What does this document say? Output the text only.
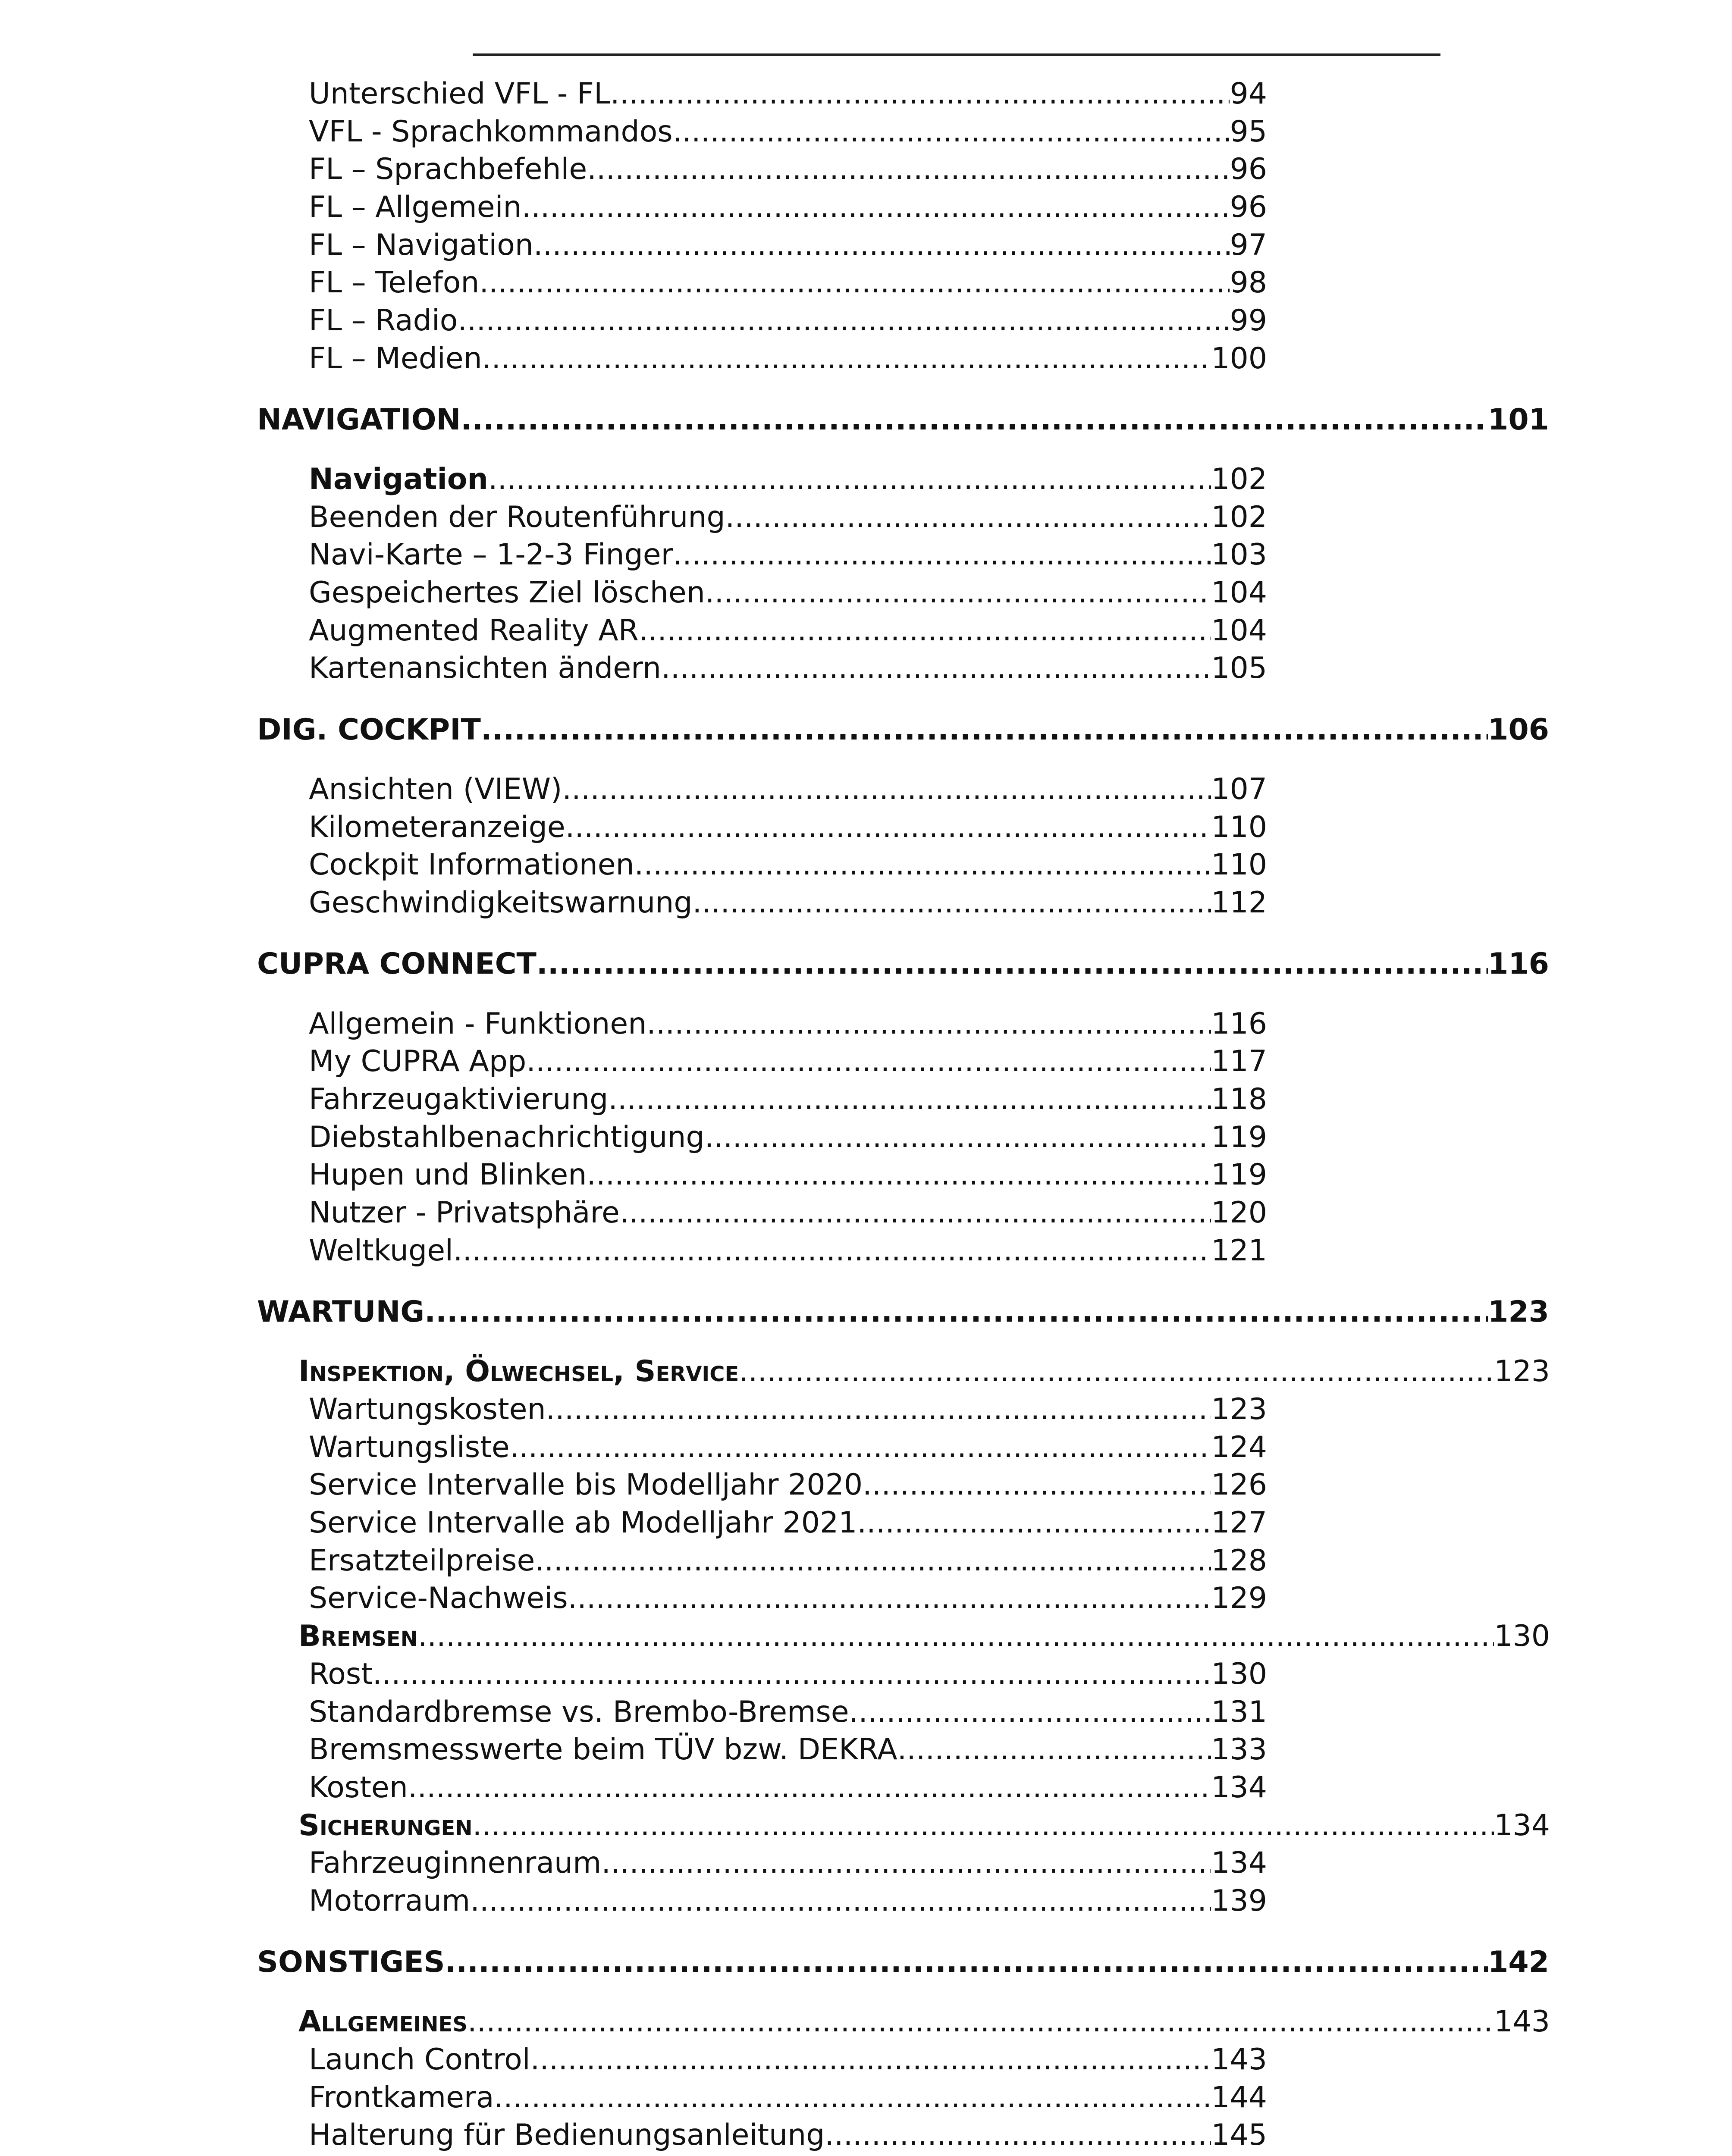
Unterschied VFL - FL .....	94
VFL - Sprachkommandos .....	95
FL – Sprachbefehle .....	96
FL – Allgemein .....	96
FL – Navigation .....	97
FL – Telefon .....	98
FL – Radio .....	99
FL – Medien .....	100
NAVIGATION .....	101
Navigation .....	102
Beenden der Routenführung .....	102
Navi-Karte – 1-2-3 Finger .....	103
Gespeichertes Ziel löschen .....	104
Augmented Reality AR .....	104
Kartenansichten ändern .....	105
DIG. COCKPIT .....	106
Ansichten (VIEW) .....	107
Kilometeranzeige .....	110
Cockpit Informationen .....	110
Geschwindigkeitswarnung .....	112
CUPRA CONNECT .....	116
Allgemein - Funktionen .....	116
My CUPRA App .....	117
Fahrzeugaktivierung .....	118
Diebstahlbenachrichtigung .....	119
Hupen und Blinken .....	119
Nutzer - Privatsphäre .....	120
Weltkugel .....	121
WARTUNG .....	123
Inspektion, Ölwechsel, Service .....	123
Wartungskosten .....	123
Wartungsliste .....	124
Service Intervalle bis Modelljahr 2020 .....	126
Service Intervalle ab Modelljahr 2021 .....	127
Ersatzteilpreise .....	128
Service-Nachweis .....	129
Bremsen .....	130
Rost .....	130
Standardbremse vs. Brembo-Bremse .....	131
Bremsmesswerte beim TÜV bzw. DEKRA .....	133
Kosten .....	134
Sicherungen .....	134
Fahrzeuginnenraum .....	134
Motorraum .....	139
SONSTIGES .....	142
Allgemeines .....	143
Launch Control .....	143
Frontkamera .....	144
Halterung für Bedienungsanleitung .....	145
.....
